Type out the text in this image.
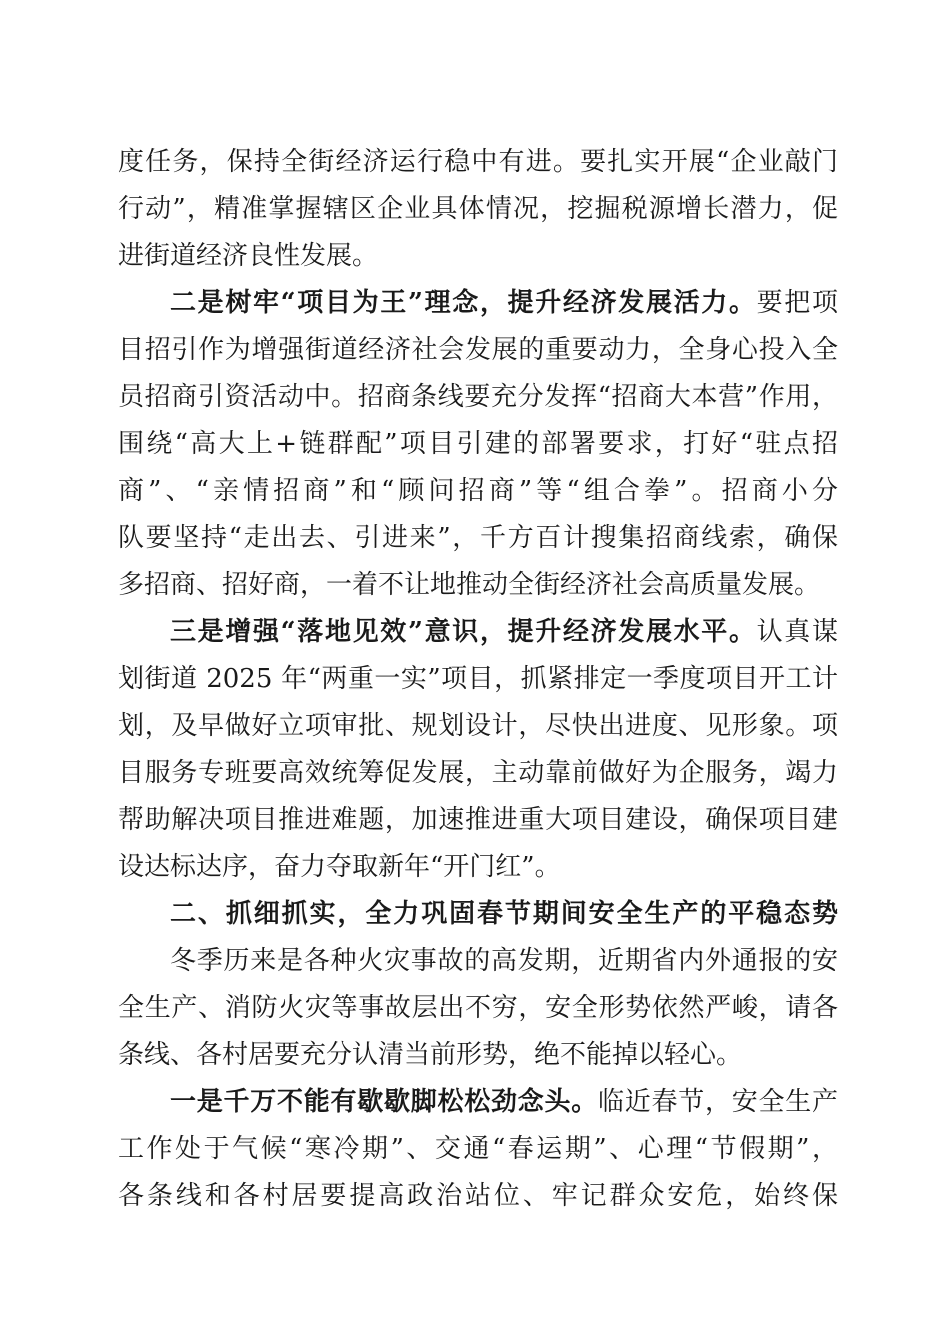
度任务，保持全街经济运行稳中有进。要扎实开展“企业敲门
行动”，精准掌握辖区企业具体情况，挖掘税源增长潜力，促
进街道经济良性发展。
二是树牢“项目为王”理念，提升经济发展活力。要把项
目招引作为增强街道经济社会发展的重要动力，全身心投入全
员招商引资活动中。招商条线要充分发挥“招商大本营”作用，
围绕“高大上+链群配”项目引建的部署要求，打好“驻点招
商”、“亲情招商”和“顾问招商”等“组合拳”。招商小分
队要坚持“走出去、引进来”，千方百计搜集招商线索，确保
多招商、招好商，一着不让地推动全街经济社会高质量发展。
三是增强“落地见效”意识，提升经济发展水平。认真谋
划街道 2025 年“两重一实”项目，抓紧排定一季度项目开工计
划，及早做好立项审批、规划设计，尽快出进度、见形象。项
目服务专班要高效统筹促发展，主动靠前做好为企服务，竭力
帮助解决项目推进难题，加速推进重大项目建设，确保项目建
设达标达序，奋力夺取新年“开门红”。
二、抓细抓实，全力巩固春节期间安全生产的平稳态势
冬季历来是各种火灾事故的高发期，近期省内外通报的安
全生产、消防火灾等事故层出不穷，安全形势依然严峻，请各
条线、各村居要充分认清当前形势，绝不能掉以轻心。
一是千万不能有歇歇脚松松劲念头。临近春节，安全生产
工作处于气候“寒冷期”、交通“春运期”、心理“节假期”，
各条线和各村居要提高政治站位、牢记群众安危，始终保
